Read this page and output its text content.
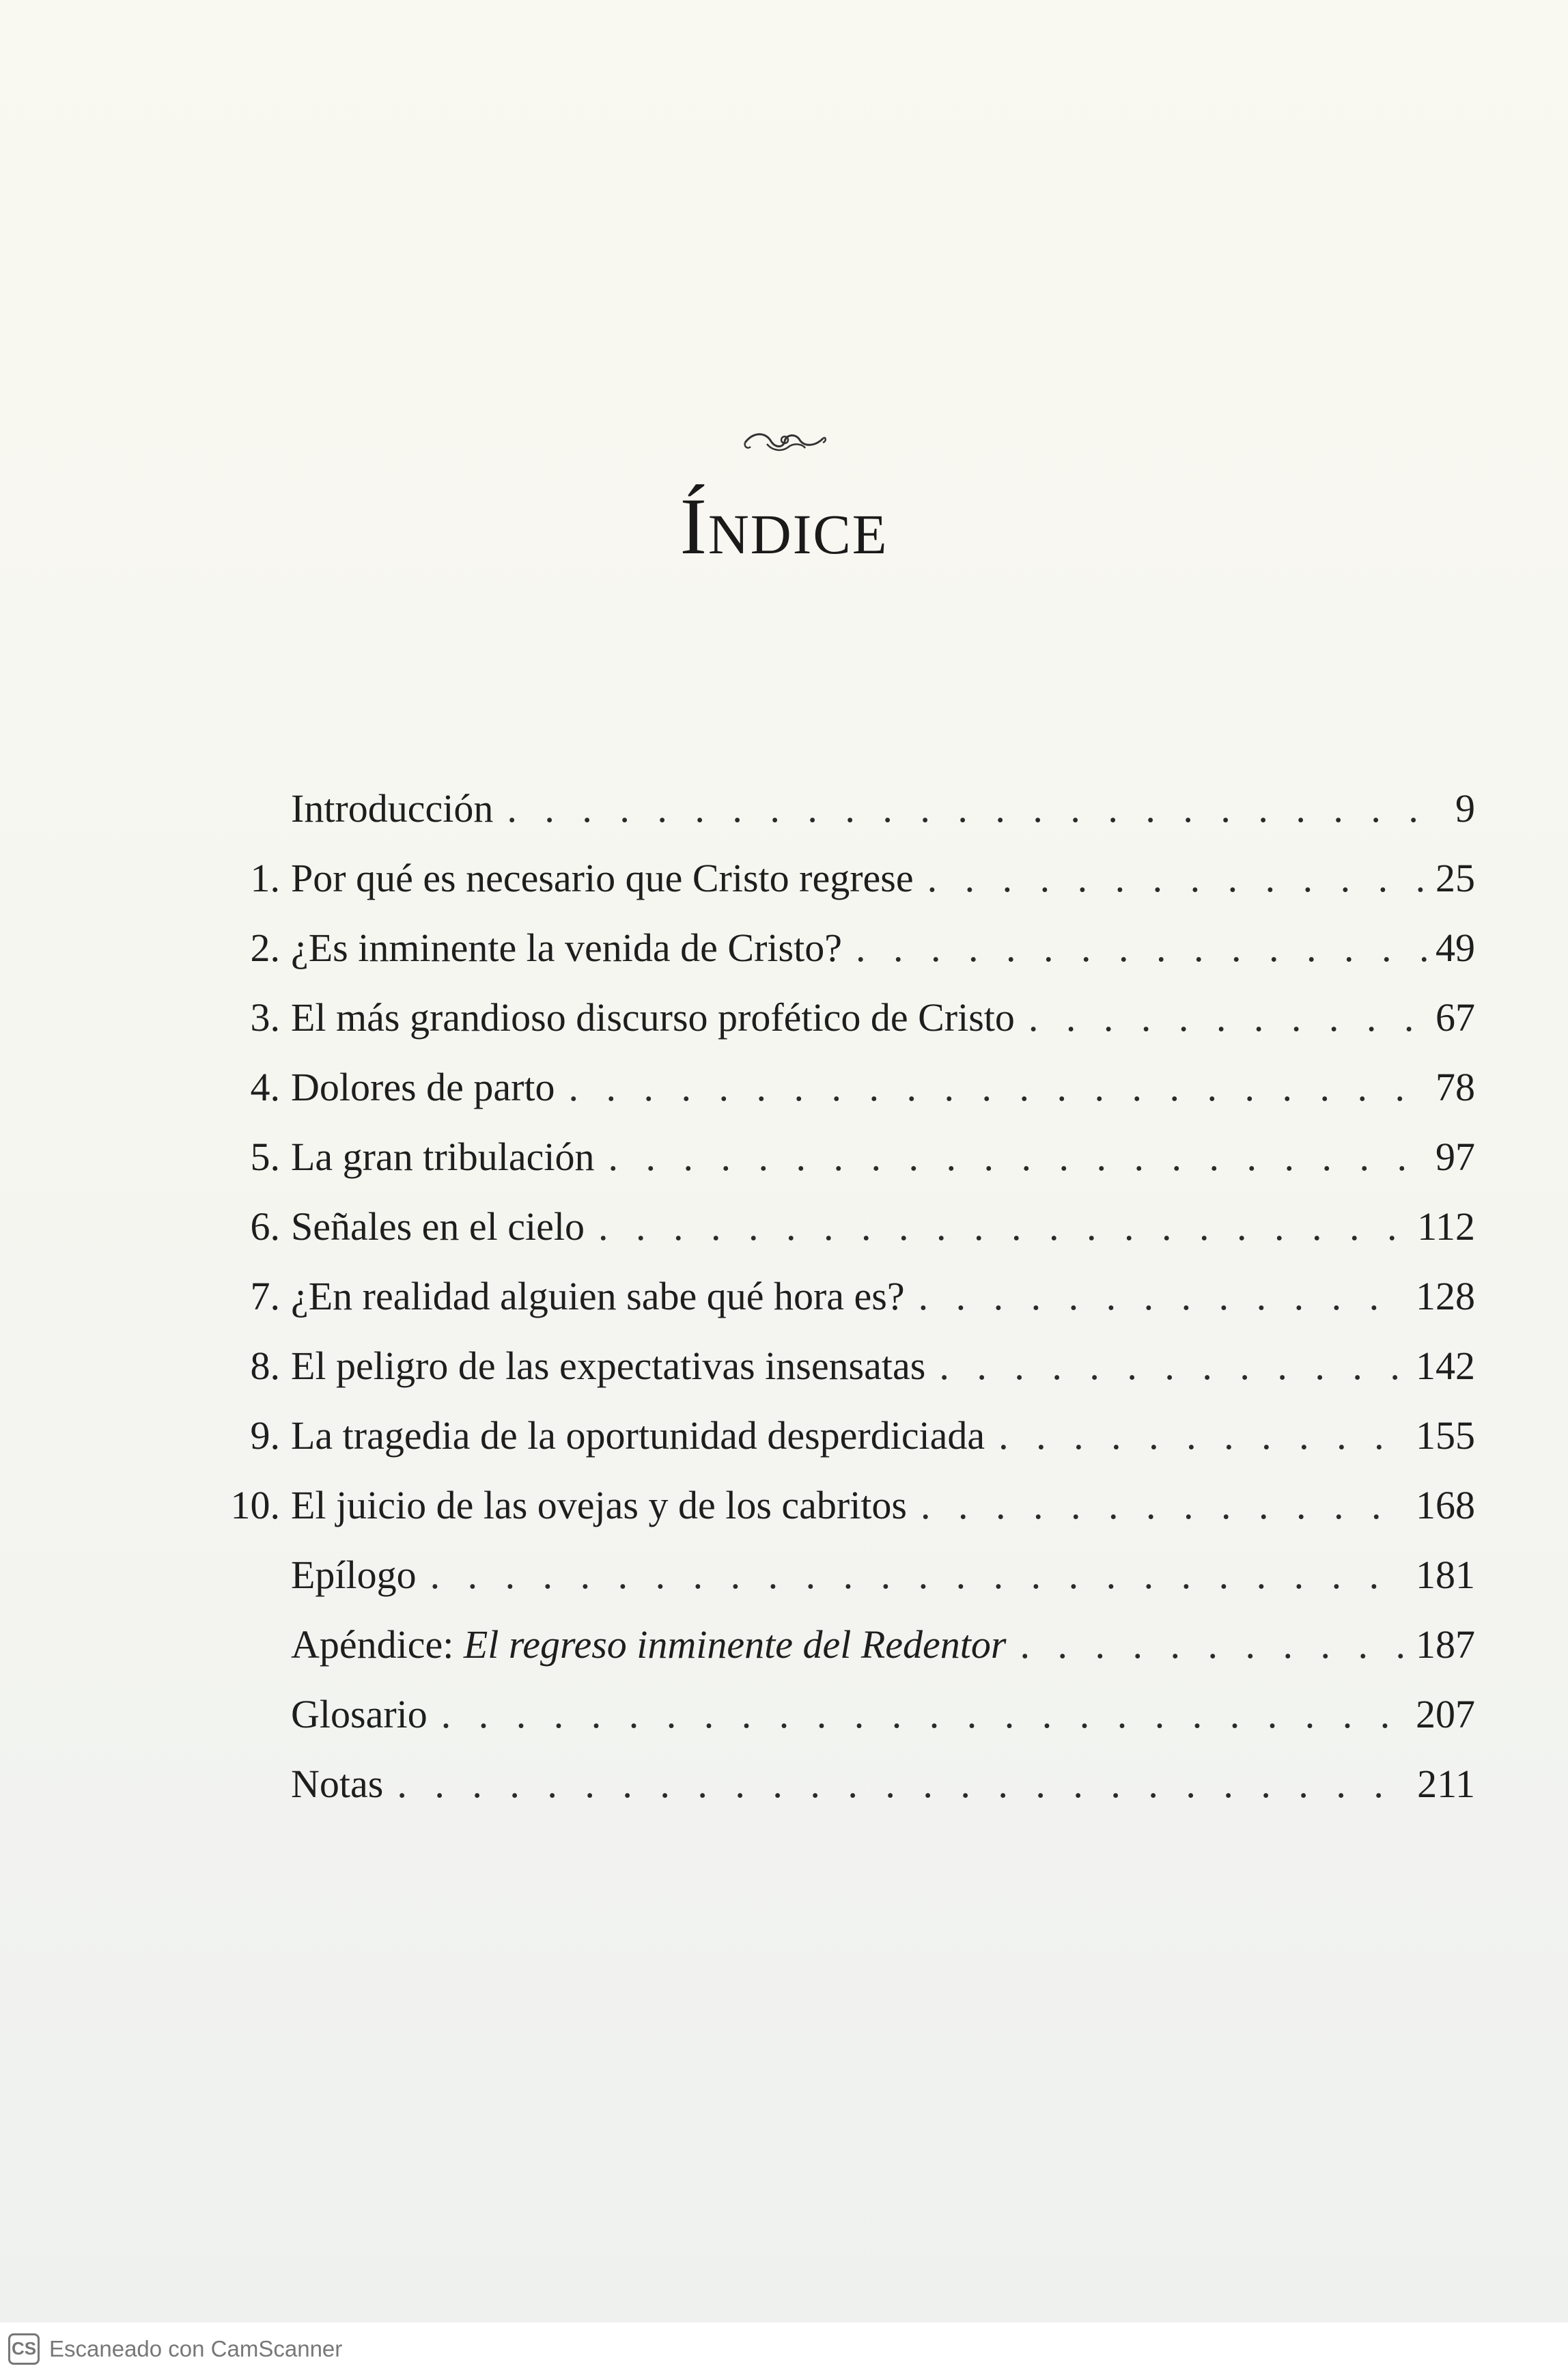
Índice
Introducción . . .	9
1. Por qué es necesario que Cristo regrese . . .	25
2. ¿Es inminente la venida de Cristo? . . .	49
3. El más grandioso discurso profético de Cristo . . .	67
4. Dolores de parto . . .	78
5. La gran tribulación . . .	97
6. Señales en el cielo . . .	112
7. ¿En realidad alguien sabe qué hora es? . . .	128
8. El peligro de las expectativas insensatas . . .	142
9. La tragedia de la oportunidad desperdiciada . . .	155
10. El juicio de las ovejas y de los cabritos . . .	168
Epílogo . . .	181
Apéndice: El regreso inminente del Redentor . . .	187
Glosario . . .	207
Notas . . .	211
CS Escaneado con CamScanner
